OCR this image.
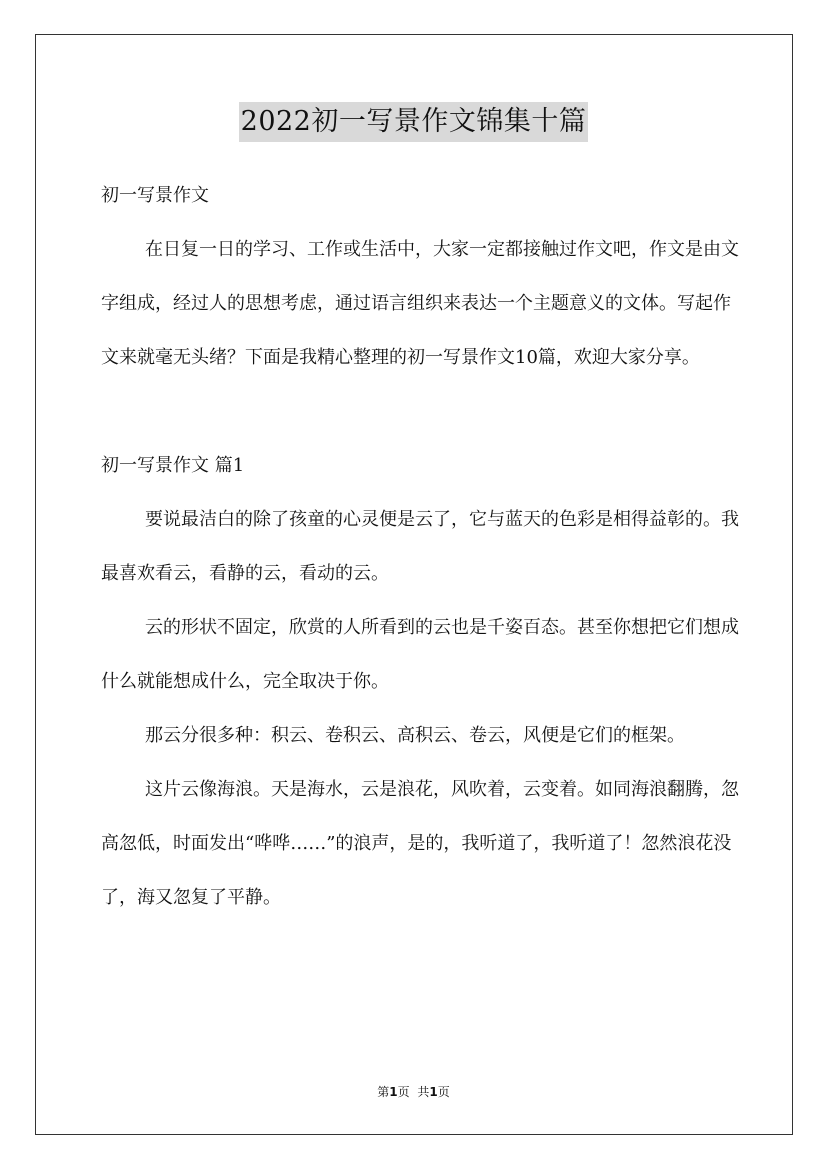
2022初一写景作文锦集十篇

初一写景作文

在日复一日的学习、工作或生活中，大家一定都接触过作文吧，作文是由文字组成，经过人的思想考虑，通过语言组织来表达一个主题意义的文体。写起作文来就毫无头绪？下面是我精心整理的初一写景作文10篇，欢迎大家分享。

初一写景作文 篇1

要说最洁白的除了孩童的心灵便是云了，它与蓝天的色彩是相得益彰的。我最喜欢看云，看静的云，看动的云。

云的形状不固定，欣赏的人所看到的云也是千姿百态。甚至你想把它们想成什么就能想成什么，完全取决于你。

那云分很多种：积云、卷积云、高积云、卷云，风便是它们的框架。

这片云像海浪。天是海水，云是浪花，风吹着，云变着。如同海浪翻腾，忽高忽低，时面发出“哗哗……”的浪声，是的，我听道了，我听道了！忽然浪花没了，海又忽复了平静。

第1页 共1页
